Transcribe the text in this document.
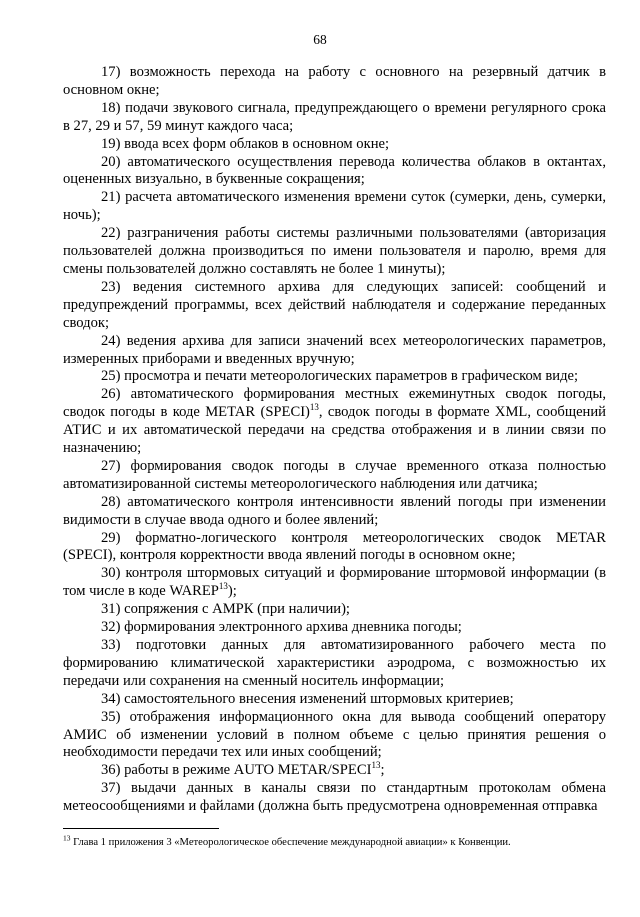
68

17) возможность перехода на работу с основного на резервный датчик в основном окне;

18) подачи звукового сигнала, предупреждающего о времени регулярного срока в 27, 29 и 57, 59 минут каждого часа;

19) ввода всех форм облаков в основном окне;

20) автоматического осуществления перевода количества облаков в октантах, оцененных визуально, в буквенные сокращения;

21) расчета автоматического изменения времени суток (сумерки, день, сумерки, ночь);

22) разграничения работы системы различными пользователями (авторизация пользователей должна производиться по имени пользователя и паролю, время для смены пользователей должно составлять не более 1 минуты);

23) ведения системного архива для следующих записей: сообщений и предупреждений программы, всех действий наблюдателя и содержание переданных сводок;

24) ведения архива для записи значений всех метеорологических параметров, измеренных приборами и введенных вручную;

25) просмотра и печати метеорологических параметров в графическом виде;

26) автоматического формирования местных ежеминутных сводок погоды, сводок погоды в коде METAR (SPECI)$^{13}$, сводок погоды в формате XML, сообщений АТИС и их автоматической передачи на средства отображения и в линии связи по назначению;

27) формирования сводок погоды в случае временного отказа полностью автоматизированной системы метеорологического наблюдения или датчика;

28) автоматического контроля интенсивности явлений погоды при изменении видимости в случае ввода одного и более явлений;

29) форматно-логического контроля метеорологических сводок METAR (SPECI), контроля корректности ввода явлений погоды в основном окне;

30) контроля штормовых ситуаций и формирование штормовой информации (в том числе в коде WAREP$^{13}$);

31) сопряжения с АМРК (при наличии);

32) формирования электронного архива дневника погоды;

33) подготовки данных для автоматизированного рабочего места по формированию климатической характеристики аэродрома, с возможностью их передачи или сохранения на сменный носитель информации;

34) самостоятельного внесения изменений штормовых критериев;

35) отображения информационного окна для вывода сообщений оператору АМИС об изменении условий в полном объеме с целью принятия решения о необходимости передачи тех или иных сообщений;

36) работы в режиме AUTO METAR/SPECI$^{13}$;

37) выдачи данных в каналы связи по стандартным протоколам обмена метеосообщениями и файлами (должна быть предусмотрена одновременная отправка

$^{13}$ Глава 1 приложения 3 «Метеорологическое обеспечение международной авиации» к Конвенции.
